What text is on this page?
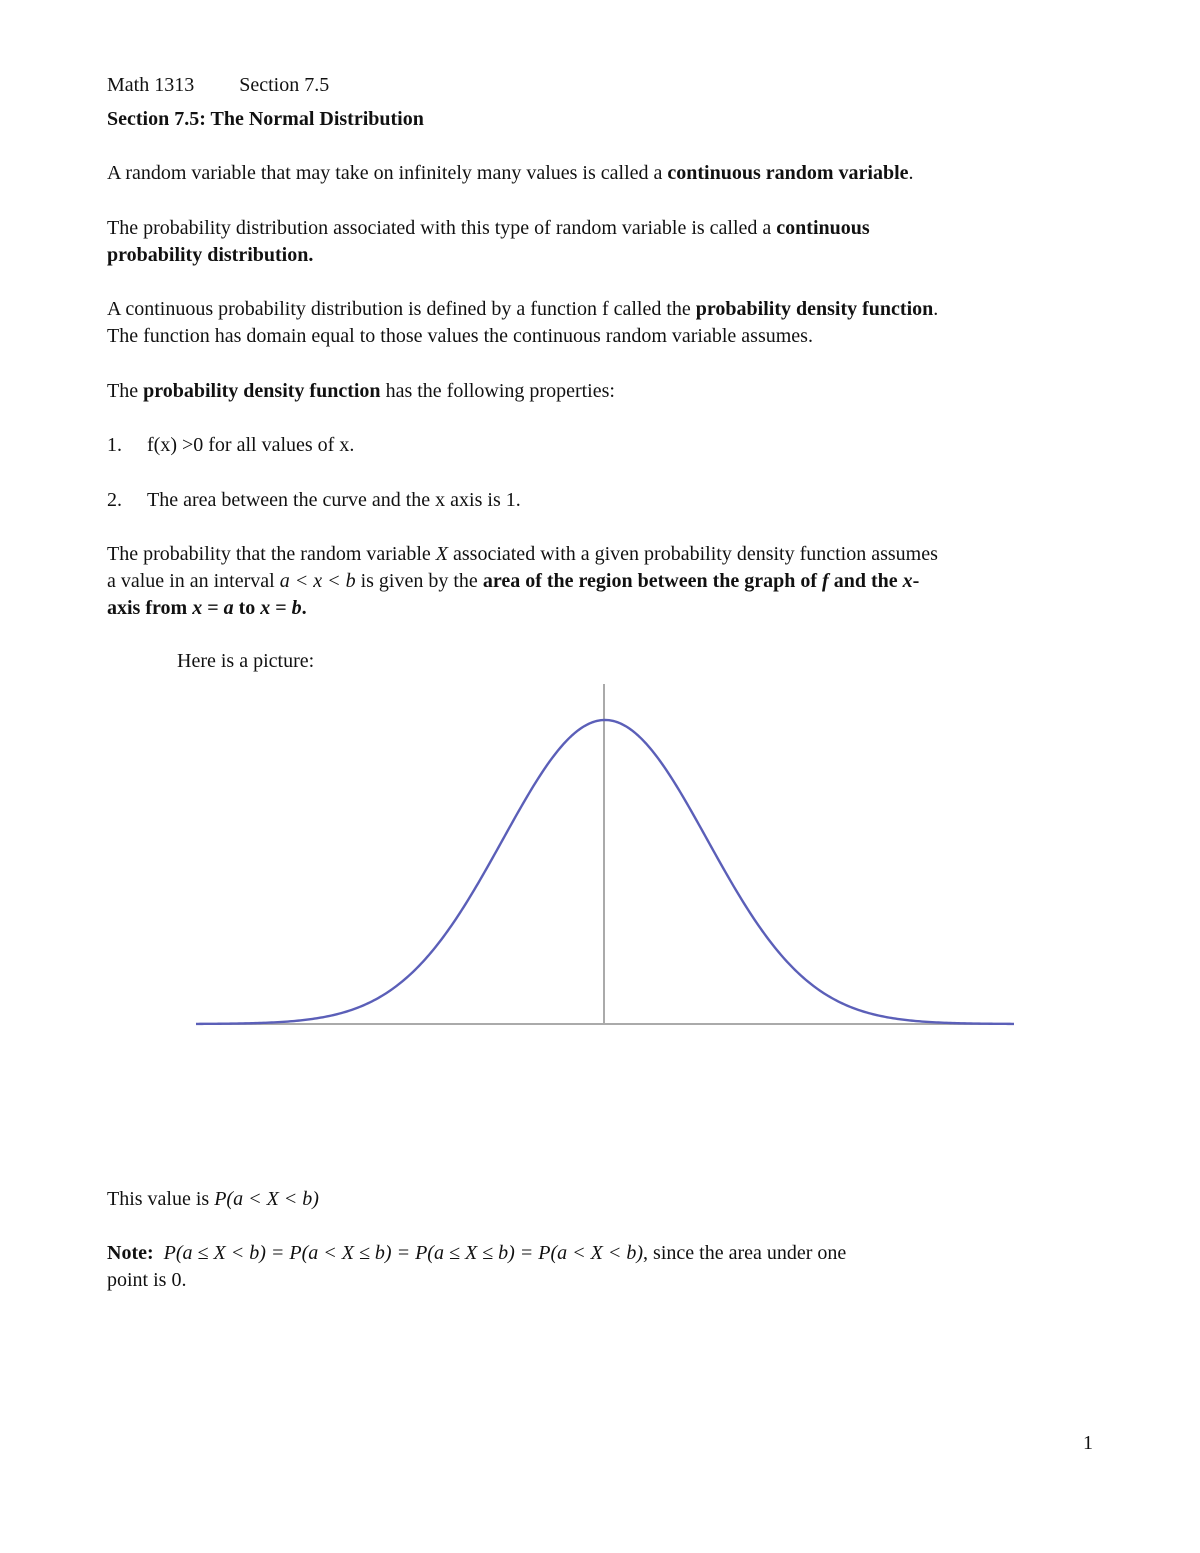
Math 1313 Section 7.5
Section 7.5: The Normal Distribution
A random variable that may take on infinitely many values is called a continuous random variable.
The probability distribution associated with this type of random variable is called a continuous
probability distribution.
A continuous probability distribution is defined by a function f called the probability density function.
The function has domain equal to those values the continuous random variable assumes.
The probability density function has the following properties:
1. f(x) >0 for all values of x.
2. The area between the curve and the x axis is 1.
The probability that the random variable X associated with a given probability density function assumes
a value in an interval a < x < b is given by the area of the region between the graph of f and the x-
axis from x = a to x = b.
Here is a picture:
This value is P(a < X < b)
Note: P(a ≤ X < b) = P(a < X ≤ b) = P(a ≤ X ≤ b) = P(a < X < b), since the area under one
point is 0.
1
